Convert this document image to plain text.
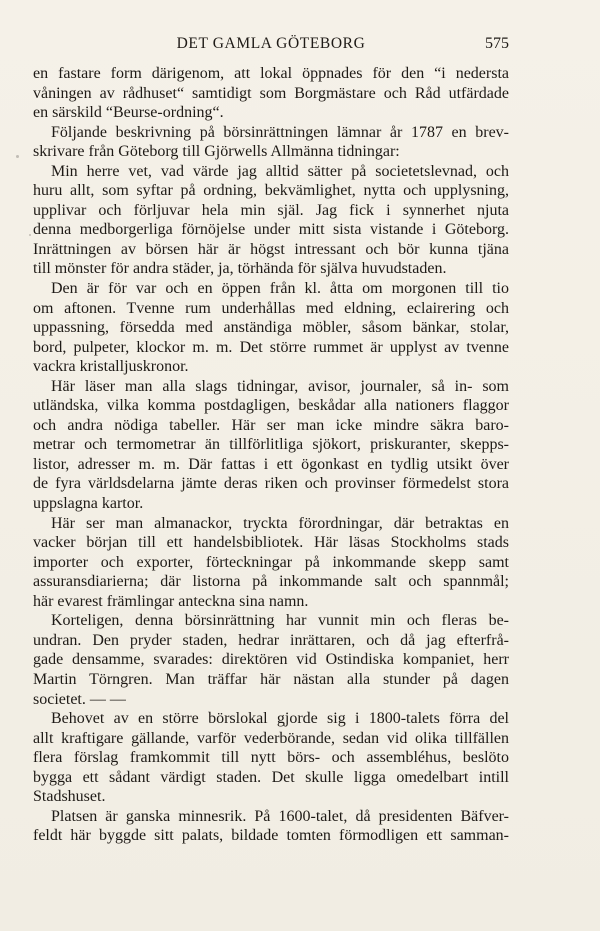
DET GAMLA GÖTEBORG	575
en fastare form därigenom, att lokal öppnades för den “i nedersta
våningen av rådhuset“ samtidigt som Borgmästare och Råd utfärdade
en särskild “Beurse-ordning“.
Följande beskrivning på börsinrättningen lämnar år 1787 en brev-
skrivare från Göteborg till Gjörwells Allmänna tidningar:
Min herre vet, vad värde jag alltid sätter på societetslevnad, och
huru allt, som syftar på ordning, bekvämlighet, nytta och upplysning,
upplivar och förljuvar hela min själ. Jag fick i synnerhet njuta
denna medborgerliga förnöjelse under mitt sista vistande i Göteborg.
Inrättningen av börsen här är högst intressant och bör kunna tjäna
till mönster för andra städer, ja, törhända för själva huvudstaden.
Den är för var och en öppen från kl. åtta om morgonen till tio
om aftonen. Tvenne rum underhållas med eldning, eclairering och
uppassning, försedda med anständiga möbler, såsom bänkar, stolar,
bord, pulpeter, klockor m. m. Det större rummet är upplyst av tvenne
vackra kristalljuskronor.
Här läser man alla slags tidningar, avisor, journaler, så in- som
utländska, vilka komma postdagligen, beskådar alla nationers flaggor
och andra nödiga tabeller. Här ser man icke mindre säkra baro-
metrar och termometrar än tillförlitliga sjökort, priskuranter, skepps-
listor, adresser m. m. Där fattas i ett ögonkast en tydlig utsikt över
de fyra världsdelarna jämte deras riken och provinser förmedelst stora
uppslagna kartor.
Här ser man almanackor, tryckta förordningar, där betraktas en
vacker början till ett handelsbibliotek. Här läsas Stockholms stads
importer och exporter, förteckningar på inkommande skepp samt
assuransdiarierna; där listorna på inkommande salt och spannmål;
här evarest främlingar anteckna sina namn.
Korteligen, denna börsinrättning har vunnit min och fleras be-
undran. Den pryder staden, hedrar inrättaren, och då jag efterfrå-
gade densamme, svarades: direktören vid Ostindiska kompaniet, herr
Martin Törngren. Man träffar här nästan alla stunder på dagen
societet. — —
Behovet av en större börslokal gjorde sig i 1800-talets förra del
allt kraftigare gällande, varför vederbörande, sedan vid olika tillfällen
flera förslag framkommit till nytt börs- och assembléhus, beslöto
bygga ett sådant värdigt staden. Det skulle ligga omedelbart intill
Stadshuset.
Platsen är ganska minnesrik. På 1600-talet, då presidenten Bäfver-
feldt här byggde sitt palats, bildade tomten förmodligen ett samman-
